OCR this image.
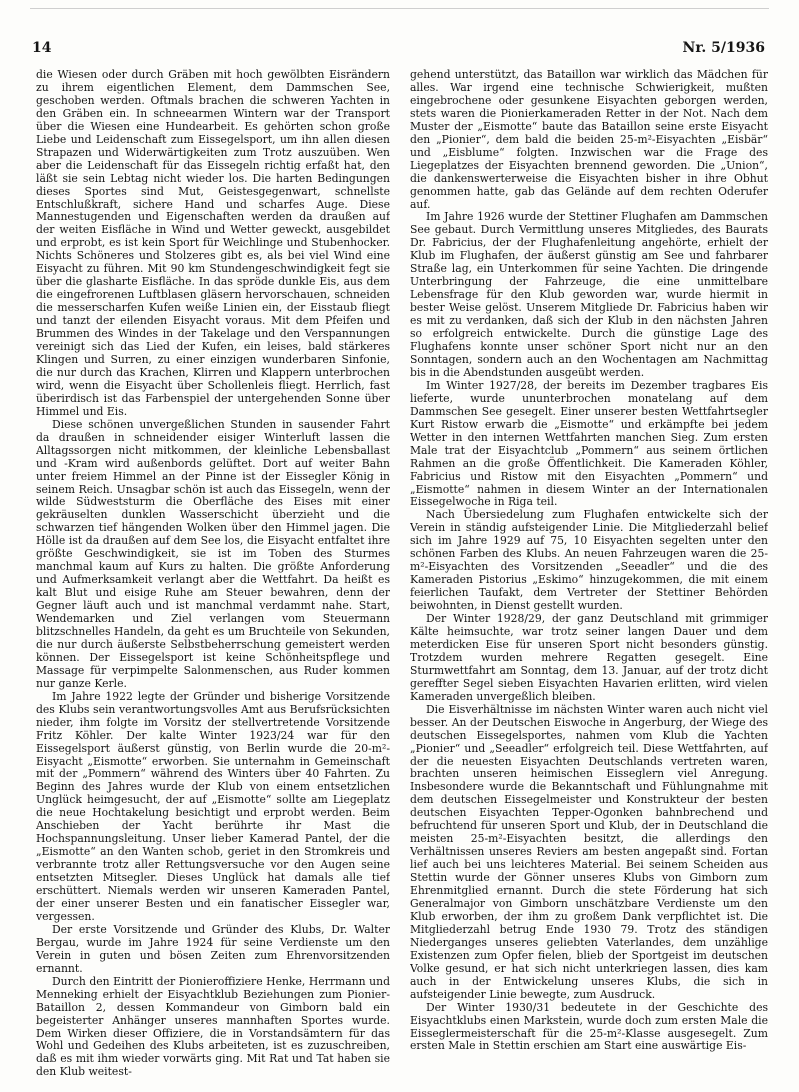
14	Nr. 5/1936

die Wiesen oder durch Gräben mit hoch gewölbten Eisrändern zu ihrem eigentlichen Element, dem Dammschen See, geschoben werden. Oftmals brachen die schweren Yachten in den Gräben ein. In schneearmen Wintern war der Transport über die Wiesen eine Hundearbeit. Es gehörten schon große Liebe und Leidenschaft zum Eissegelsport, um ihn allen diesen Strapazen und Widerwärtigkeiten zum Trotz auszuüben. Wen aber die Leidenschaft für das Eissegeln richtig erfaßt hat, den läßt sie sein Lebtag nicht wieder los. Die harten Bedingungen dieses Sportes sind Mut, Geistesgegenwart, schnellste Entschlußkraft, sichere Hand und scharfes Auge. Diese Mannestugenden und Eigenschaften werden da draußen auf der weiten Eisfläche in Wind und Wetter geweckt, ausgebildet und erprobt, es ist kein Sport für Weichlinge und Stubenhocker. Nichts Schöneres und Stolzeres gibt es, als bei viel Wind eine Eisyacht zu führen. Mit 90 km Stundengeschwindigkeit fegt sie über die glasharte Eisfläche. In das spröde dunkle Eis, aus dem die eingefrorenen Luftblasen gläsern hervorschauen, schneiden die messerscharfen Kufen weiße Linien ein, der Eisstaub fliegt und tanzt der eilenden Eisyacht voraus. Mit dem Pfeifen und Brummen des Windes in der Takelage und den Verspannungen vereinigt sich das Lied der Kufen, ein leises, bald stärkeres Klingen und Surren, zu einer einzigen wunderbaren Sinfonie, die nur durch das Krachen, Klirren und Klappern unterbrochen wird, wenn die Eisyacht über Schollenleis fliegt. Herrlich, fast überirdisch ist das Farbenspiel der untergehenden Sonne über Himmel und Eis.

Diese schönen unvergeßlichen Stunden in sausender Fahrt da draußen in schneidender eisiger Winterluft lassen die Alltagssorgen nicht mitkommen, der kleinliche Lebensballast und -Kram wird außenbords gelüftet. Dort auf weiter Bahn unter freiem Himmel an der Pinne ist der Eissegler König in seinem Reich. Unsagbar schön ist auch das Eissegeln, wenn der wilde Südweststurm die Oberfläche des Eises mit einer gekräuselten dunklen Wasserschicht überzieht und die schwarzen tief hängenden Wolken über den Himmel jagen. Die Hölle ist da draußen auf dem See los, die Eisyacht entfaltet ihre größte Geschwindigkeit, sie ist im Toben des Sturmes manchmal kaum auf Kurs zu halten. Die größte Anforderung und Aufmerksamkeit verlangt aber die Wettfahrt. Da heißt es kalt Blut und eisige Ruhe am Steuer bewahren, denn der Gegner läuft auch und ist manchmal verdammt nahe. Start, Wendemarken und Ziel verlangen vom Steuermann blitzschnelles Handeln, da geht es um Bruchteile von Sekunden, die nur durch äußerste Selbstbeherrschung gemeistert werden können. Der Eissegelsport ist keine Schönheitspflege und Massage für verpimpelte Salonmenschen, aus Ruder kommen nur ganze Kerle.

Im Jahre 1922 legte der Gründer und bisherige Vorsitzende des Klubs sein verantwortungsvolles Amt aus Berufsrücksichten nieder, ihm folgte im Vorsitz der stellvertretende Vorsitzende Fritz Köhler. Der kalte Winter 1923/24 war für den Eissegelsport äußerst günstig, von Berlin wurde die 20-m²-Eisyacht „Eismotte“ erworben. Sie unternahm in Gemeinschaft mit der „Pommern“ während des Winters über 40 Fahrten. Zu Beginn des Jahres wurde der Klub von einem entsetzlichen Unglück heimgesucht, der auf „Eismotte“ sollte am Liegeplatz die neue Hochtakelung besichtigt und erprobt werden. Beim Anschieben der Yacht berührte ihr Mast die Hochspannungsleitung. Unser lieber Kamerad Pantel, der die „Eismotte“ an den Wanten schob, geriet in den Stromkreis und verbrannte trotz aller Rettungsversuche vor den Augen seine entsetzten Mitsegler. Dieses Unglück hat damals alle tief erschüttert. Niemals werden wir unseren Kameraden Pantel, der einer unserer Besten und ein fanatischer Eissegler war, vergessen.

Der erste Vorsitzende und Gründer des Klubs, Dr. Walter Bergau, wurde im Jahre 1924 für seine Verdienste um den Verein in guten und bösen Zeiten zum Ehrenvorsitzenden ernannt.

Durch den Eintritt der Pionieroffiziere Henke, Herrmann und Menneking erhielt der Eisyachtklub Beziehungen zum Pionier-Bataillon 2, dessen Kommandeur von Gimborn bald ein begeisterter Anhänger unseres mannhaften Sportes wurde. Dem Wirken dieser Offiziere, die in Vorstandsämtern für das Wohl und Gedeihen des Klubs arbeiteten, ist es zuzuschreiben, daß es mit ihm wieder vorwärts ging. Mit Rat und Tat haben sie den Klub weitest-

gehend unterstützt, das Bataillon war wirklich das Mädchen für alles. War irgend eine technische Schwierigkeit, mußten eingebrochene oder gesunkene Eisyachten geborgen werden, stets waren die Pionierkameraden Retter in der Not. Nach dem Muster der „Eismotte“ baute das Bataillon seine erste Eisyacht den „Pionier“, dem bald die beiden 25-m²-Eisyachten „Eisbär“ und „Eisblume“ folgten. Inzwischen war die Frage des Liegeplatzes der Eisyachten brennend geworden. Die „Union“, die dankenswerterweise die Eisyachten bisher in ihre Obhut genommen hatte, gab das Gelände auf dem rechten Oderufer auf.

Im Jahre 1926 wurde der Stettiner Flughafen am Dammschen See gebaut. Durch Vermittlung unseres Mitgliedes, des Baurats Dr. Fabricius, der der Flughafenleitung angehörte, erhielt der Klub im Flughafen, der äußerst günstig am See und fahrbarer Straße lag, ein Unterkommen für seine Yachten. Die dringende Unterbringung der Fahrzeuge, die eine unmittelbare Lebensfrage für den Klub geworden war, wurde hiermit in bester Weise gelöst. Unserem Mitgliede Dr. Fabricius haben wir es mit zu verdanken, daß sich der Klub in den nächsten Jahren so erfolgreich entwickelte. Durch die günstige Lage des Flughafens konnte unser schöner Sport nicht nur an den Sonntagen, sondern auch an den Wochentagen am Nachmittag bis in die Abendstunden ausgeübt werden.

Im Winter 1927/28, der bereits im Dezember tragbares Eis lieferte, wurde ununterbrochen monatelang auf dem Dammschen See gesegelt. Einer unserer besten Wettfahrtsegler Kurt Ristow erwarb die „Eismotte“ und erkämpfte bei jedem Wetter in den internen Wettfahrten manchen Sieg. Zum ersten Male trat der Eisyachtclub „Pommern“ aus seinem örtlichen Rahmen an die große Öffentlichkeit. Die Kameraden Köhler, Fabricius und Ristow mit den Eisyachten „Pommern“ und „Eismotte“ nahmen in diesem Winter an der Internationalen Eissegelwoche in Riga teil.

Nach Übersiedelung zum Flughafen entwickelte sich der Verein in ständig aufsteigender Linie. Die Mitgliederzahl belief sich im Jahre 1929 auf 75, 10 Eisyachten segelten unter den schönen Farben des Klubs. An neuen Fahrzeugen waren die 25-m²-Eisyachten des Vorsitzenden „Seeadler“ und die des Kameraden Pistorius „Eskimo“ hinzugekommen, die mit einem feierlichen Taufakt, dem Vertreter der Stettiner Behörden beiwohnten, in Dienst gestellt wurden.

Der Winter 1928/29, der ganz Deutschland mit grimmiger Kälte heimsuchte, war trotz seiner langen Dauer und dem meterdicken Eise für unseren Sport nicht besonders günstig. Trotzdem wurden mehrere Regatten gesegelt. Eine Sturmwettfahrt am Sonntag, dem 13. Januar, auf der trotz dicht gereffter Segel sieben Eisyachten Havarien erlitten, wird vielen Kameraden unvergeßlich bleiben.

Die Eisverhältnisse im nächsten Winter waren auch nicht viel besser. An der Deutschen Eiswoche in Angerburg, der Wiege des deutschen Eissegelsportes, nahmen vom Klub die Yachten „Pionier“ und „Seeadler“ erfolgreich teil. Diese Wettfahrten, auf der die neuesten Eisyachten Deutschlands vertreten waren, brachten unseren heimischen Eisseglern viel Anregung. Insbesondere wurde die Bekanntschaft und Fühlungnahme mit dem deutschen Eissegelmeister und Konstrukteur der besten deutschen Eisyachten Tepper-Ogonken bahnbrechend und befruchtend für unseren Sport und Klub, der in Deutschland die meisten 25-m²-Eisyachten besitzt, die allerdings den Verhältnissen unseres Reviers am besten angepaßt sind. Fortan lief auch bei uns leichteres Material. Bei seinem Scheiden aus Stettin wurde der Gönner unseres Klubs von Gimborn zum Ehrenmitglied ernannt. Durch die stete Förderung hat sich Generalmajor von Gimborn unschätzbare Verdienste um den Klub erworben, der ihm zu großem Dank verpflichtet ist. Die Mitgliederzahl betrug Ende 1930 79. Trotz des ständigen Niederganges unseres geliebten Vaterlandes, dem unzählige Existenzen zum Opfer fielen, blieb der Sportgeist im deutschen Volke gesund, er hat sich nicht unterkriegen lassen, dies kam auch in der Entwickelung unseres Klubs, die sich in aufsteigender Linie bewegte, zum Ausdruck.

Der Winter 1930/31 bedeutete in der Geschichte des Eisyachtklubs einen Markstein, wurde doch zum ersten Male die Eisseglermeisterschaft für die 25-m²-Klasse ausgesegelt. Zum ersten Male in Stettin erschien am Start eine auswärtige Eis-
